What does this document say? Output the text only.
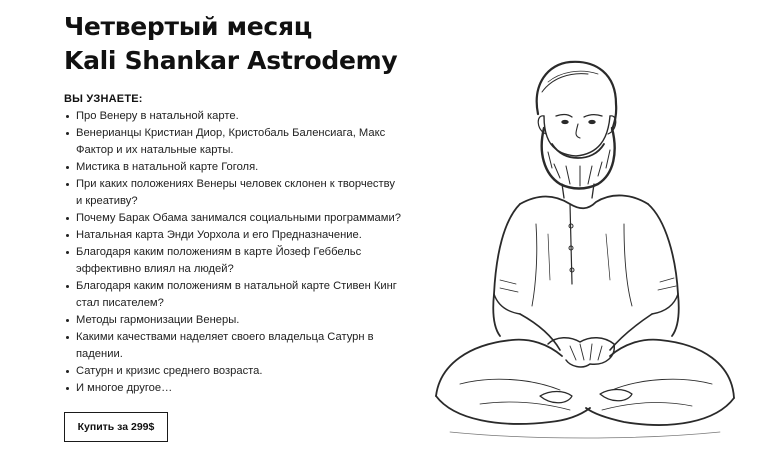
Четвертый месяц
Kali Shankar Astrodemy
ВЫ УЗНАЕТЕ:
Про Венеру в натальной карте.
Венерианцы Кристиан Диор, Кристобаль Баленсиага, Макс Фактор и их натальные карты.
Мистика в натальной карте Гоголя.
При каких положениях Венеры человек склонен к творчеству и креативу?
Почему Барак Обама занимался социальными программами?
Натальная карта Энди Уорхола и его Предназначение.
Благодаря каким положениям в карте Йозеф Геббельс эффективно влиял на людей?
Благодаря каким положениям в натальной карте Стивен Кинг стал писателем?
Методы гармонизации Венеры.
Какими качествами наделяет своего владельца Сатурн в падении.
Сатурн и кризис среднего возраста.
И многое другое…
Купить за 299$
